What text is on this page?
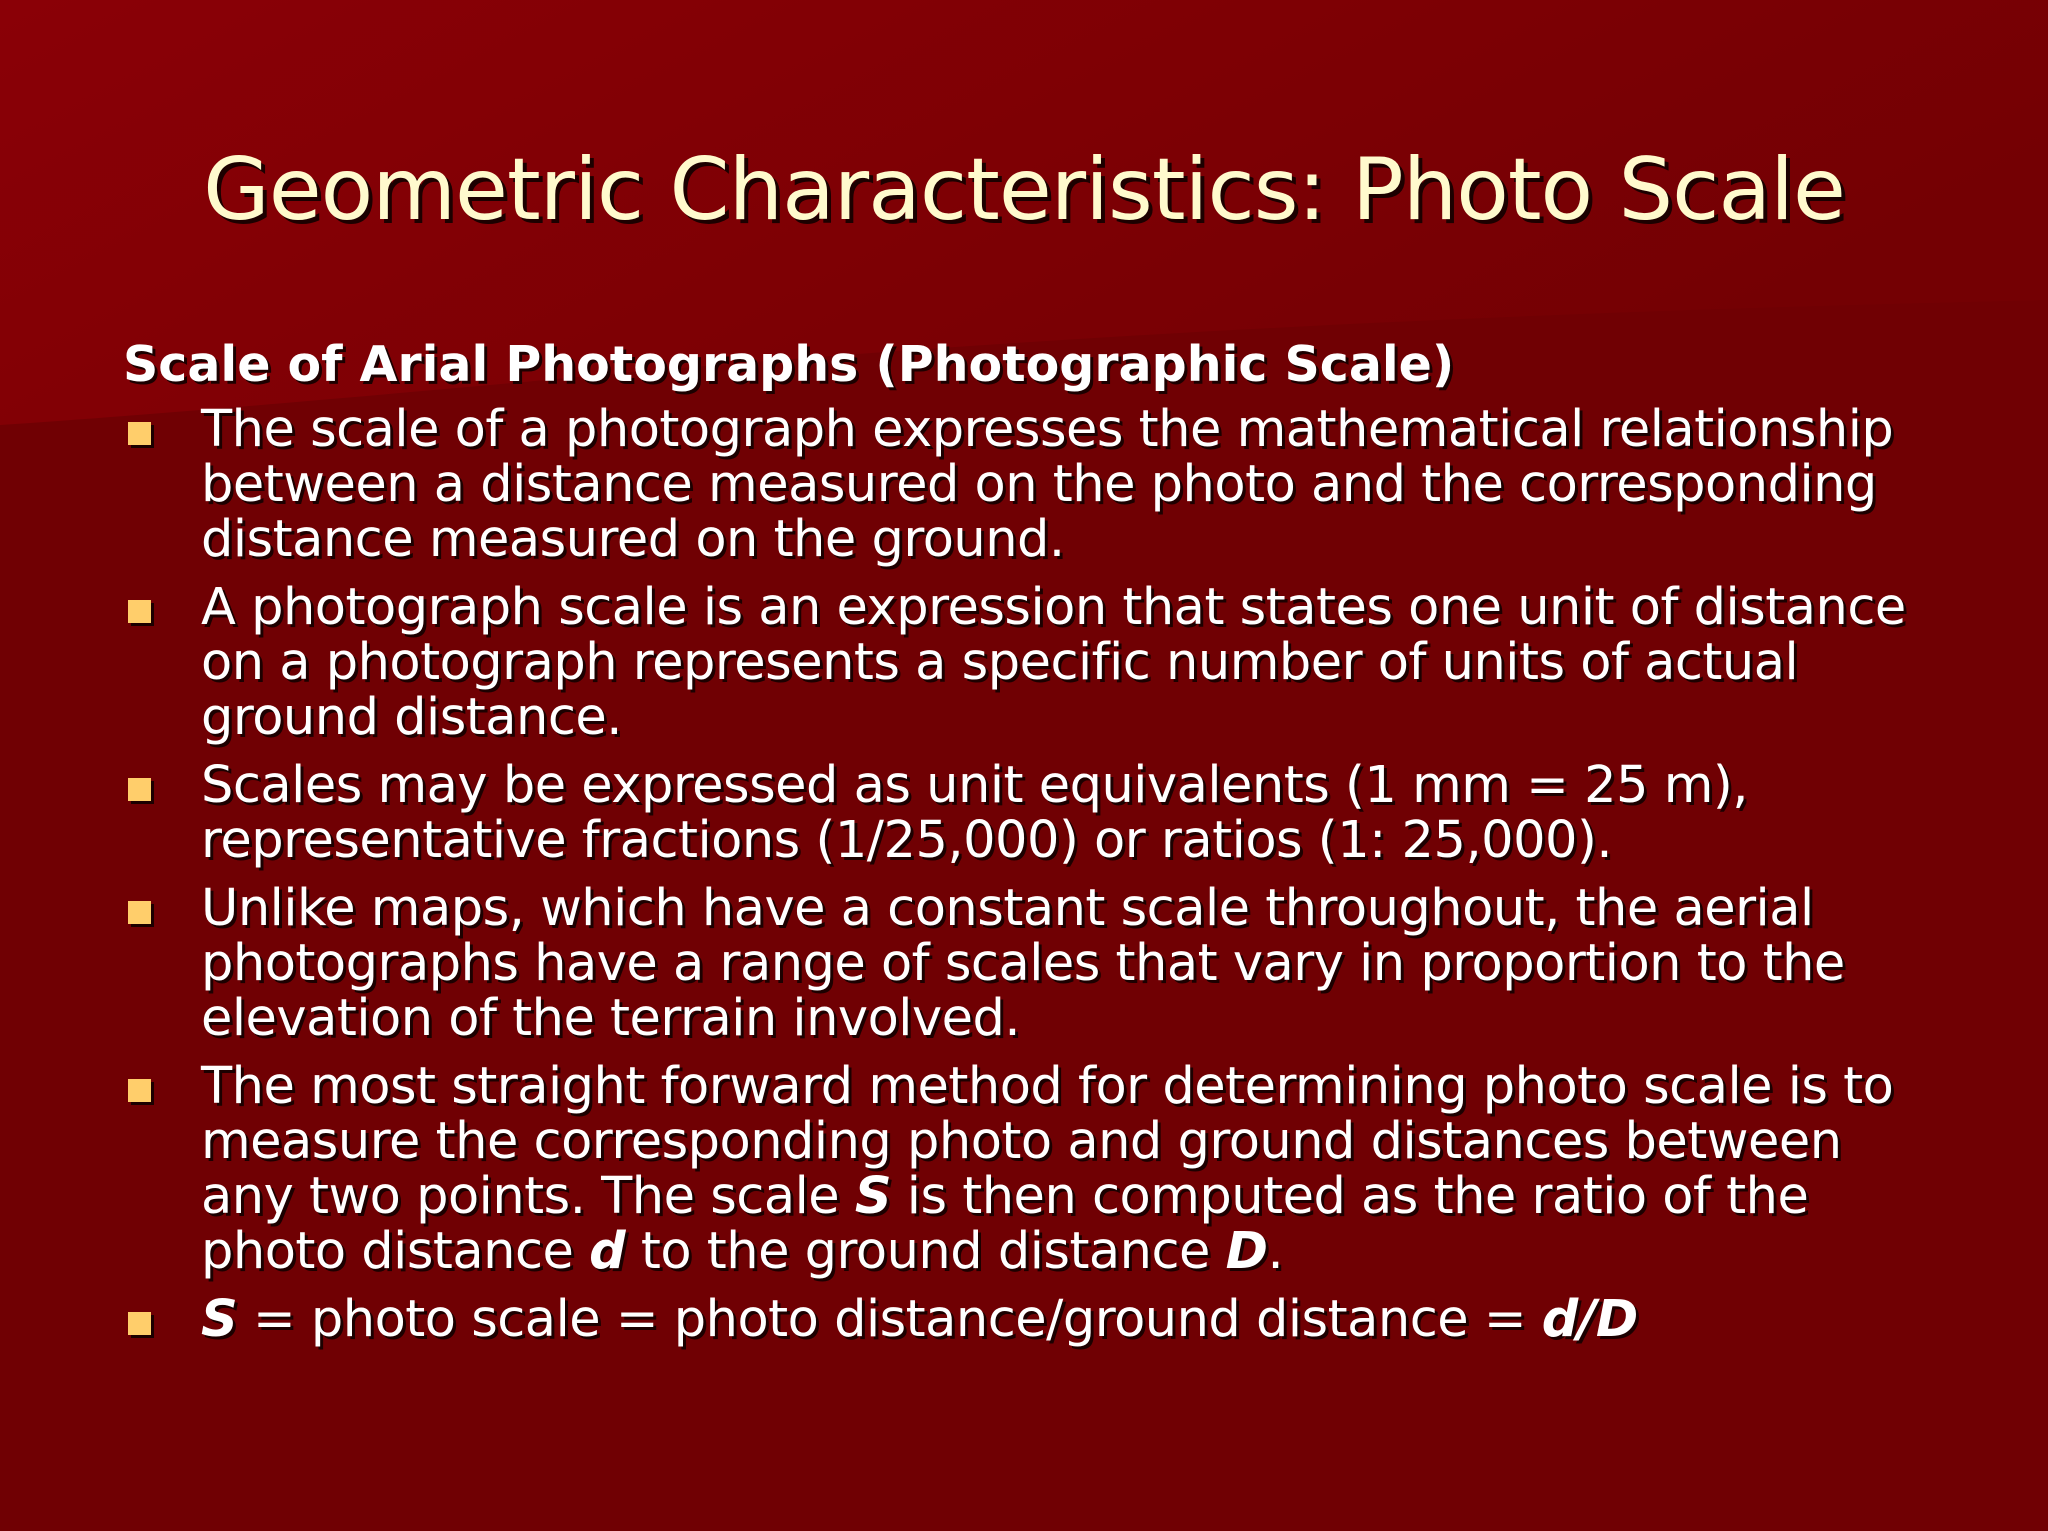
Geometric Characteristics: Photo Scale

Scale of Arial Photographs (Photographic Scale)

The scale of a photograph expresses the mathematical relationship
between a distance measured on the photo and the corresponding
distance measured on the ground.
A photograph scale is an expression that states one unit of distance
on a photograph represents a specific number of units of actual
ground distance.
Scales may be expressed as unit equivalents (1 mm = 25 m),
representative fractions (1/25,000) or ratios (1: 25,000).
Unlike maps, which have a constant scale throughout, the aerial
photographs have a range of scales that vary in proportion to the
elevation of the terrain involved.
The most straight forward method for determining photo scale is to
measure the corresponding photo and ground distances between
any two points. The scale S is then computed as the ratio of the
photo distance d to the ground distance D.
S = photo scale = photo distance/ground distance = d/D
